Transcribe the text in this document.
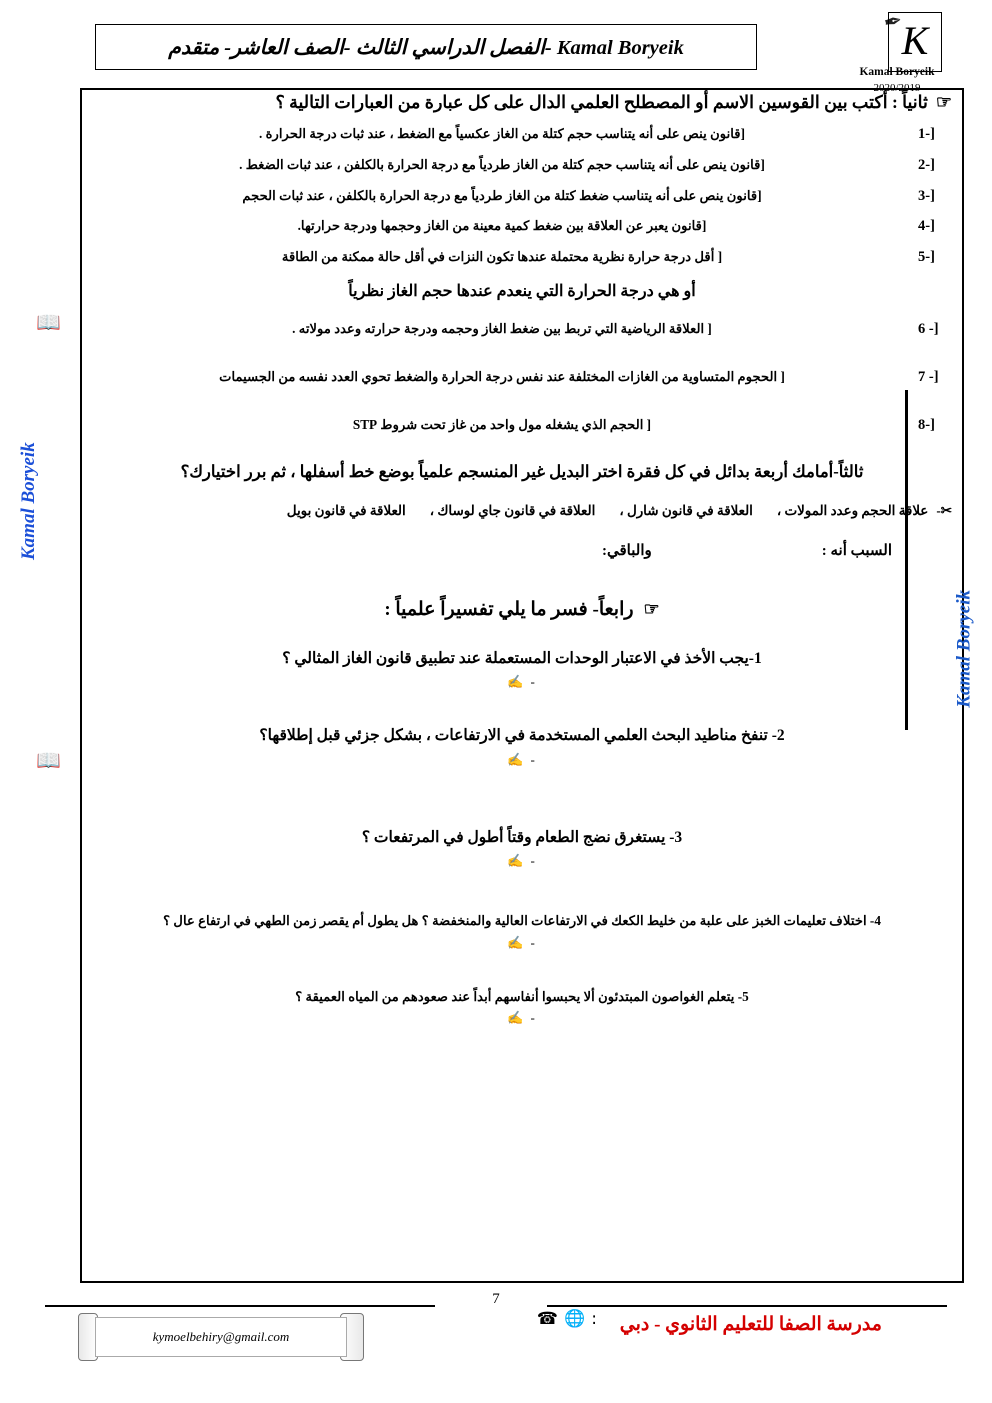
Kamal Boryeik -الفصل الدراسي الثالث -الصف العاشر- متقدم
✒
K
Kamal Boryeik
2020/2019
Kamal Boryeik
Kamal Boryeik
📖
📖
☞
ثانياً : أكتب بين القوسين الاسم أو المصطلح العلمي الدال على كل عبارة من العبارات التالية ؟
1-]
[قانون ينص على أنه يتناسب حجم كتلة من الغاز عكسياً مع الضغط ، عند ثبات درجة الحرارة .
2-]
[قانون ينص على أنه يتناسب حجم كتلة من الغاز طردياً مع درجة الحرارة بالكلفن ، عند ثبات الضغط .
3-]
[قانون ينص على أنه يتناسب ضغط كتلة من الغاز طردياً مع درجة الحرارة بالكلفن ، عند ثبات الحجم
4-]
[قانون يعبر عن العلاقة بين ضغط كمية معينة من الغاز وحجمها ودرجة حرارتها.
5-]
[ أقل درجة حرارة نظرية محتملة عندها تكون النزات في أقل حالة ممكنة من الطاقة
أو هي درجة الحرارة التي ينعدم عندها حجم الغاز نظرياً
6 -]
[ العلاقة الرياضية التي تربط بين ضغط الغاز وحجمه ودرجة حرارته وعدد مولاته .
7 -]
[ الحجوم المتساوية من الغازات المختلفة عند نفس درجة الحرارة والضغط تحوي العدد نفسه من الجسيمات
8-]
[ الحجم الذي يشغله مول واحد من غاز تحت شروط STP
ثالثاً-أمامك أربعة بدائل في كل فقرة اختر البديل غير المنسجم علمياً بوضع خط أسفلها ، ثم برر اختيارك؟
✂-
علاقة الحجم وعدد المولات ،
العلاقة في قانون شارل ،
العلاقة في قانون جاي لوساك ،
العلاقة في قانون بويل
السبب أنه :
والباقي:
☞
رابعاً- فسر ما يلي تفسيراً علمياً :
1-يجب الأخذ في الاعتبار الوحدات المستعملة عند تطبيق قانون الغاز المثالي ؟
- ✍
2- تنفخ مناطيد البحث العلمي المستخدمة في الارتفاعات ، بشكل جزئي قبل إطلاقها؟
- ✍
3- يستغرق نضج الطعام وقتاً أطول في المرتفعات ؟
- ✍
4- اختلاف تعليمات الخبز على علبة من خليط الكعك في الارتفاعات العالية والمنخفضة ؟ هل يطول أم يقصر زمن الطهي في ارتفاع عال ؟
- ✍
5- يتعلم الغواصون المبتدئون ألا يحبسوا أنفاسهم أبداً عند صعودهم من المياه العميقة ؟
- ✍
7
:
🌐
☎	مدرسة الصفا للتعليم الثانوي - دبي
kymoelbehiry@gmail.com
